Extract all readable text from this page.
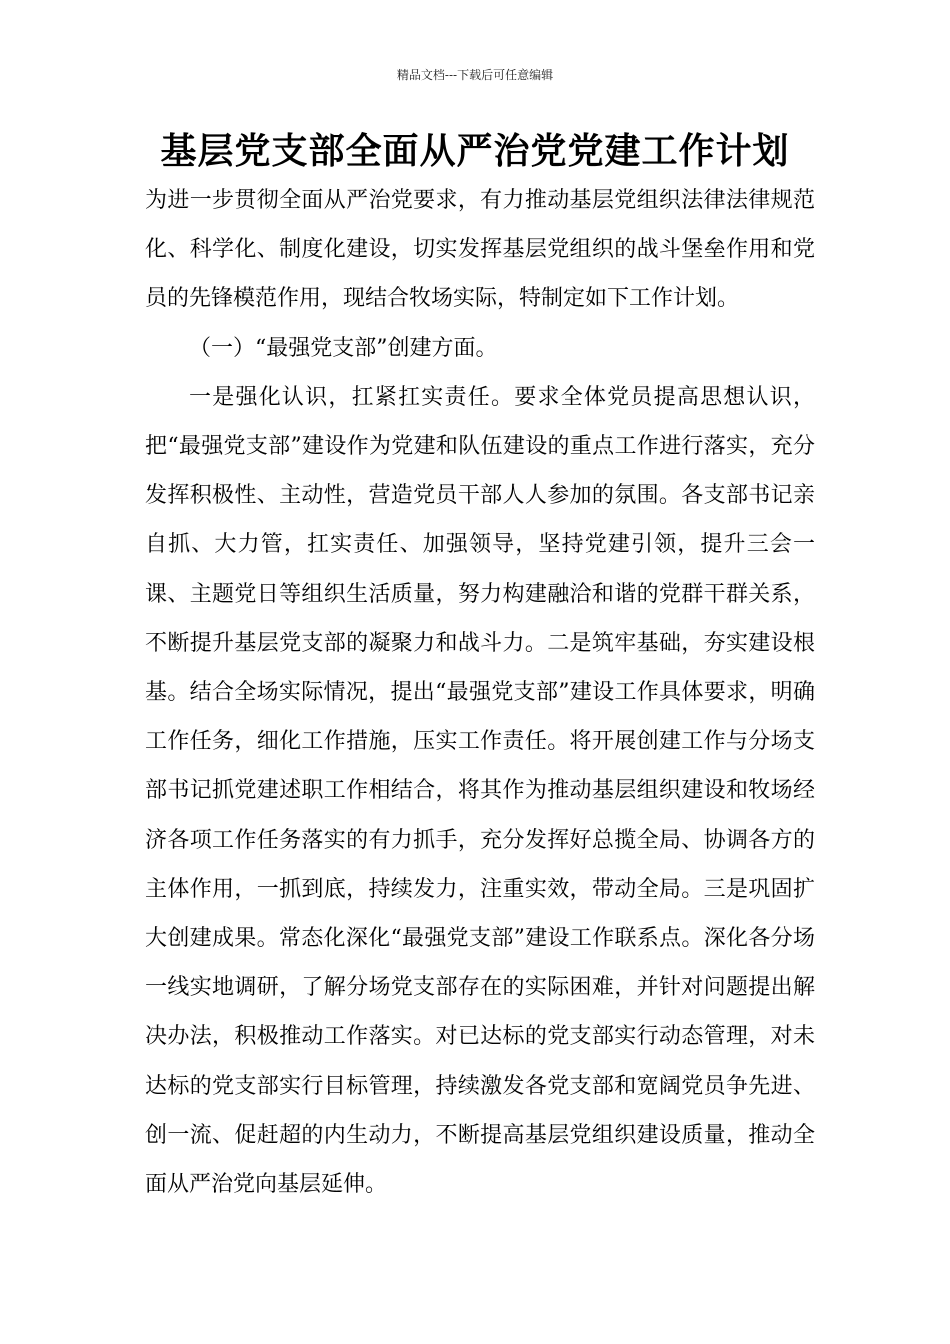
精品文档---下载后可任意编辑
基层党支部全面从严治党党建工作计划

为进一步贯彻全面从严治党要求，有力推动基层党组织法律法律规范化、科学化、制度化建设，切实发挥基层党组织的战斗堡垒作用和党员的先锋模范作用，现结合牧场实际，特制定如下工作计划。

（一）“最强党支部”创建方面。

一是强化认识，扛紧扛实责任。要求全体党员提高思想认识，把“最强党支部”建设作为党建和队伍建设的重点工作进行落实，充分发挥积极性、主动性，营造党员干部人人参加的氛围。各支部书记亲自抓、大力管，扛实责任、加强领导，坚持党建引领，提升三会一课、主题党日等组织生活质量，努力构建融洽和谐的党群干群关系，不断提升基层党支部的凝聚力和战斗力。二是筑牢基础，夯实建设根基。结合全场实际情况，提出“最强党支部”建设工作具体要求，明确工作任务，细化工作措施，压实工作责任。将开展创建工作与分场支部书记抓党建述职工作相结合，将其作为推动基层组织建设和牧场经济各项工作任务落实的有力抓手，充分发挥好总揽全局、协调各方的主体作用，一抓到底，持续发力，注重实效，带动全局。三是巩固扩大创建成果。常态化深化“最强党支部”建设工作联系点。深化各分场一线实地调研，了解分场党支部存在的实际困难，并针对问题提出解决办法，积极推动工作落实。对已达标的党支部实行动态管理，对未达标的党支部实行目标管理，持续激发各党支部和宽阔党员争先进、创一流、促赶超的内生动力，不断提高基层党组织建设质量，推动全面从严治党向基层延伸。
